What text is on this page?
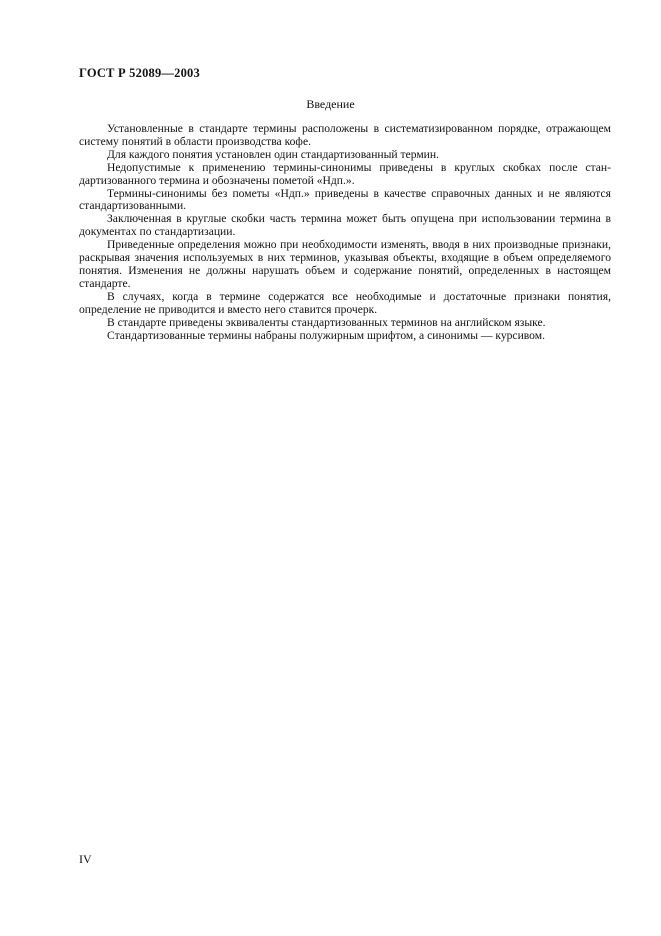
ГОСТ Р 52089—2003
Введение

Установленные в стандарте термины расположены в систематизированном порядке, отражающем систему понятий в области производства кофе.

Для каждого понятия установлен один стандартизованный термин.

Недопустимые к применению термины-синонимы приведены в круглых скобках после стандартизованного термина и обозначены пометой «Ндп.».

Термины-синонимы без пометы «Ндп.» приведены в качестве справочных данных и не являются стандартизованными.

Заключенная в круглые скобки часть термина может быть опущена при использовании термина в документах по стандартизации.

Приведенные определения можно при необходимости изменять, вводя в них производные признаки, раскрывая значения используемых в них терминов, указывая объекты, входящие в объем определяемого понятия. Изменения не должны нарушать объем и содержание понятий, определенных в настоящем стандарте.

В случаях, когда в термине содержатся все необходимые и достаточные признаки понятия, определение не приводится и вместо него ставится прочерк.

В стандарте приведены эквиваленты стандартизованных терминов на английском языке.

Стандартизованные термины набраны полужирным шрифтом, а синонимы — курсивом.

IV
